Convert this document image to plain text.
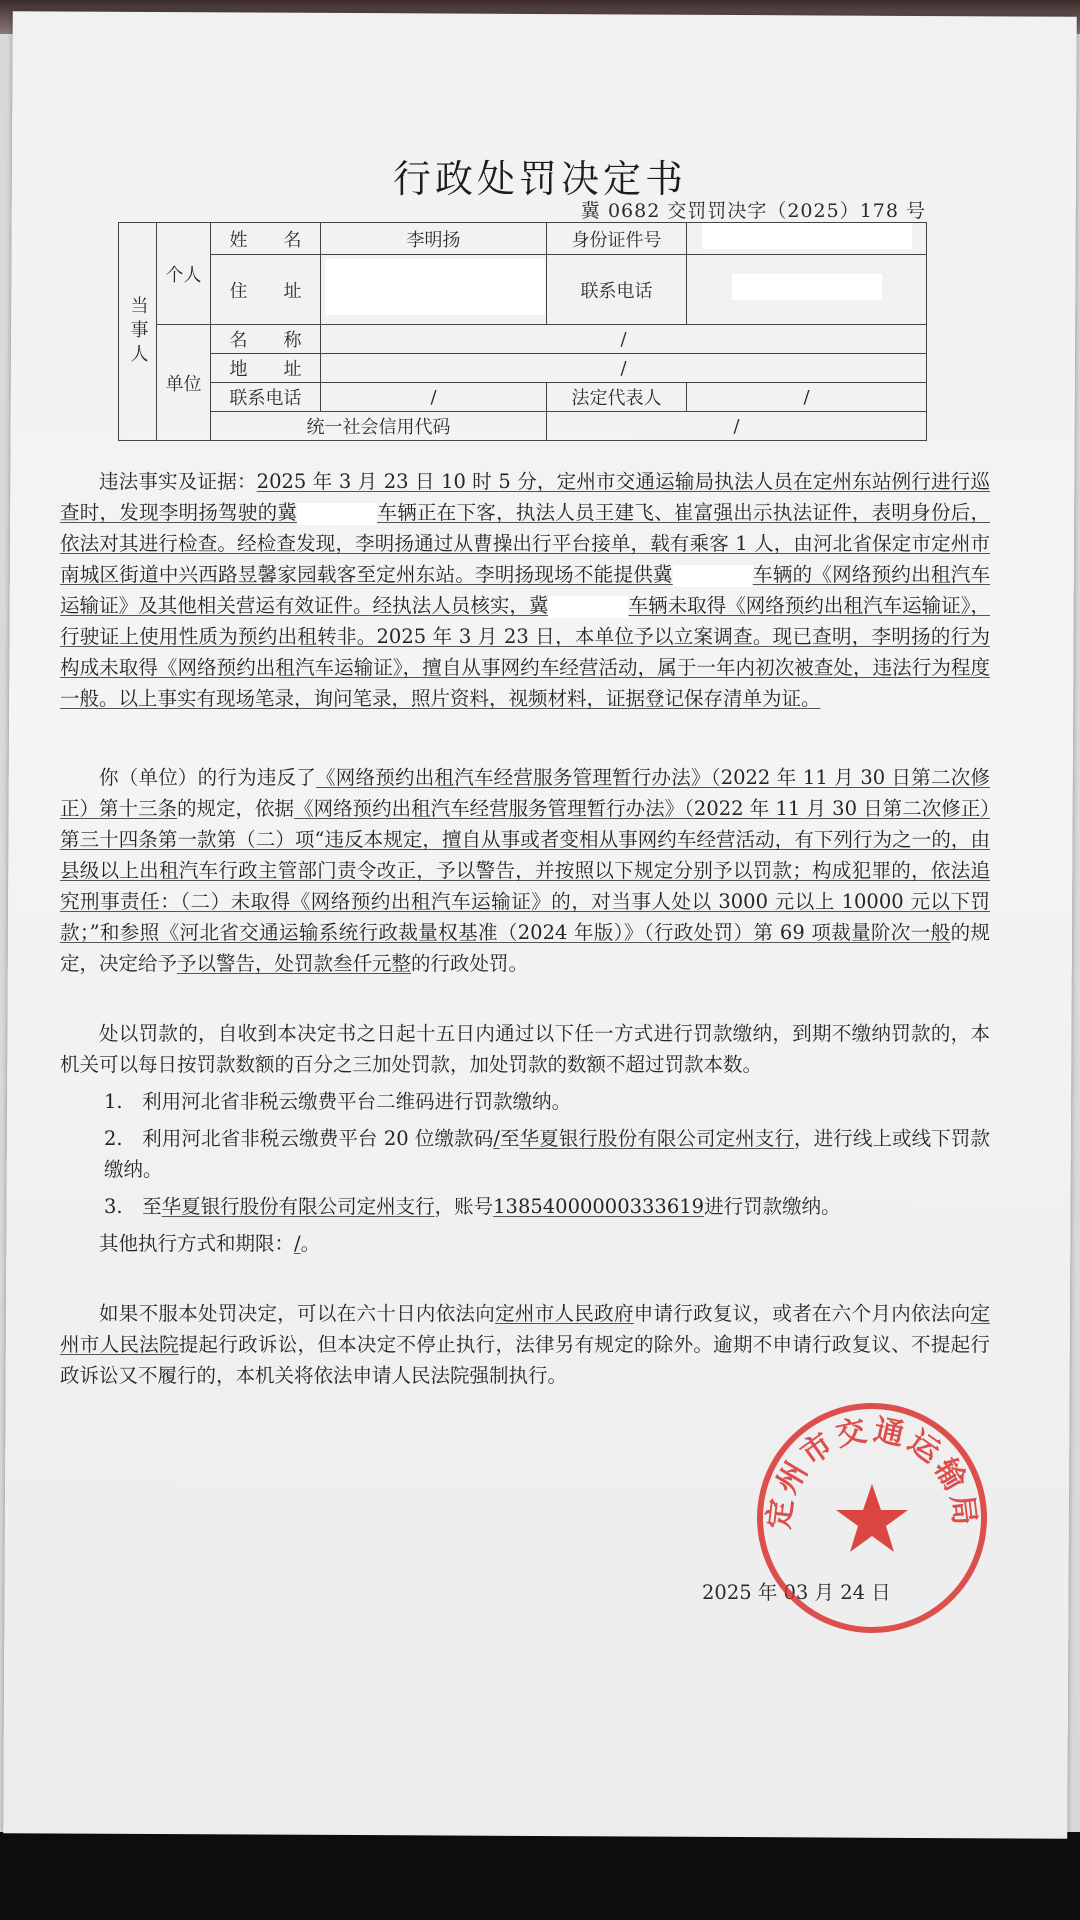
行政处罚决定书
冀 0682 交罚罚决字（2025）178 号
当事人	个人	姓　　名	李明扬	身份证件号	
		住　　址		联系电话	
	单位	名　　称	/		
		地　　址	/		
		联系电话	/	法定代表人	/
		统一社会信用代码		/	

违法事实及证据：2025 年 3 月 23 日 10 时 5 分，定州市交通运输局执法人员在定州东站例行进行巡查时，发现李明扬驾驶的冀	车辆正在下客，执法人员王建飞、崔富强出示执法证件，表明身份后，依法对其进行检查。经检查发现，李明扬通过从曹操出行平台接单，载有乘客 1 人，由河北省保定市定州市南城区街道中兴西路昱馨家园载客至定州东站。李明扬现场不能提供冀	车辆的《网络预约出租汽车运输证》及其他相关营运有效证件。经执法人员核实，冀	车辆未取得《网络预约出租汽车运输证》，行驶证上使用性质为预约出租转非。2025 年 3 月 23 日，本单位予以立案调查。现已查明，李明扬的行为构成未取得《网络预约出租汽车运输证》，擅自从事网约车经营活动，属于一年内初次被查处，违法行为程度一般。以上事实有现场笔录，询问笔录，照片资料，视频材料，证据登记保存清单为证。

你（单位）的行为违反了《网络预约出租汽车经营服务管理暂行办法》（2022 年 11 月 30 日第二次修正）第十三条的规定，依据《网络预约出租汽车经营服务管理暂行办法》（2022 年 11 月 30 日第二次修正）第三十四条第一款第（二）项“违反本规定，擅自从事或者变相从事网约车经营活动，有下列行为之一的，由县级以上出租汽车行政主管部门责令改正，予以警告，并按照以下规定分别予以罚款；构成犯罪的，依法追究刑事责任：（二）未取得《网络预约出租汽车运输证》的，对当事人处以 3000 元以上 10000 元以下罚款；”和参照《河北省交通运输系统行政裁量权基准（2024 年版）》（行政处罚）第 69 项裁量阶次一般的规定，决定给予予以警告，处罚款叁仟元整的行政处罚。

处以罚款的，自收到本决定书之日起十五日内通过以下任一方式进行罚款缴纳，到期不缴纳罚款的，本机关可以每日按罚款数额的百分之三加处罚款，加处罚款的数额不超过罚款本数。

1.　利用河北省非税云缴费平台二维码进行罚款缴纳。

2.　利用河北省非税云缴费平台 20 位缴款码/至华夏银行股份有限公司定州支行，进行线上或线下罚款缴纳。

3.　至华夏银行股份有限公司定州支行，账号13854000000333619进行罚款缴纳。

其他执行方式和期限：/。

如果不服本处罚决定，可以在六十日内依法向定州市人民政府申请行政复议，或者在六个月内依法向定州市人民法院提起行政诉讼，但本决定不停止执行，法律另有规定的除外。逾期不申请行政复议、不提起行政诉讼又不履行的，本机关将依法申请人民法院强制执行。

2025 年 03 月 24 日
定州市交通运输局
